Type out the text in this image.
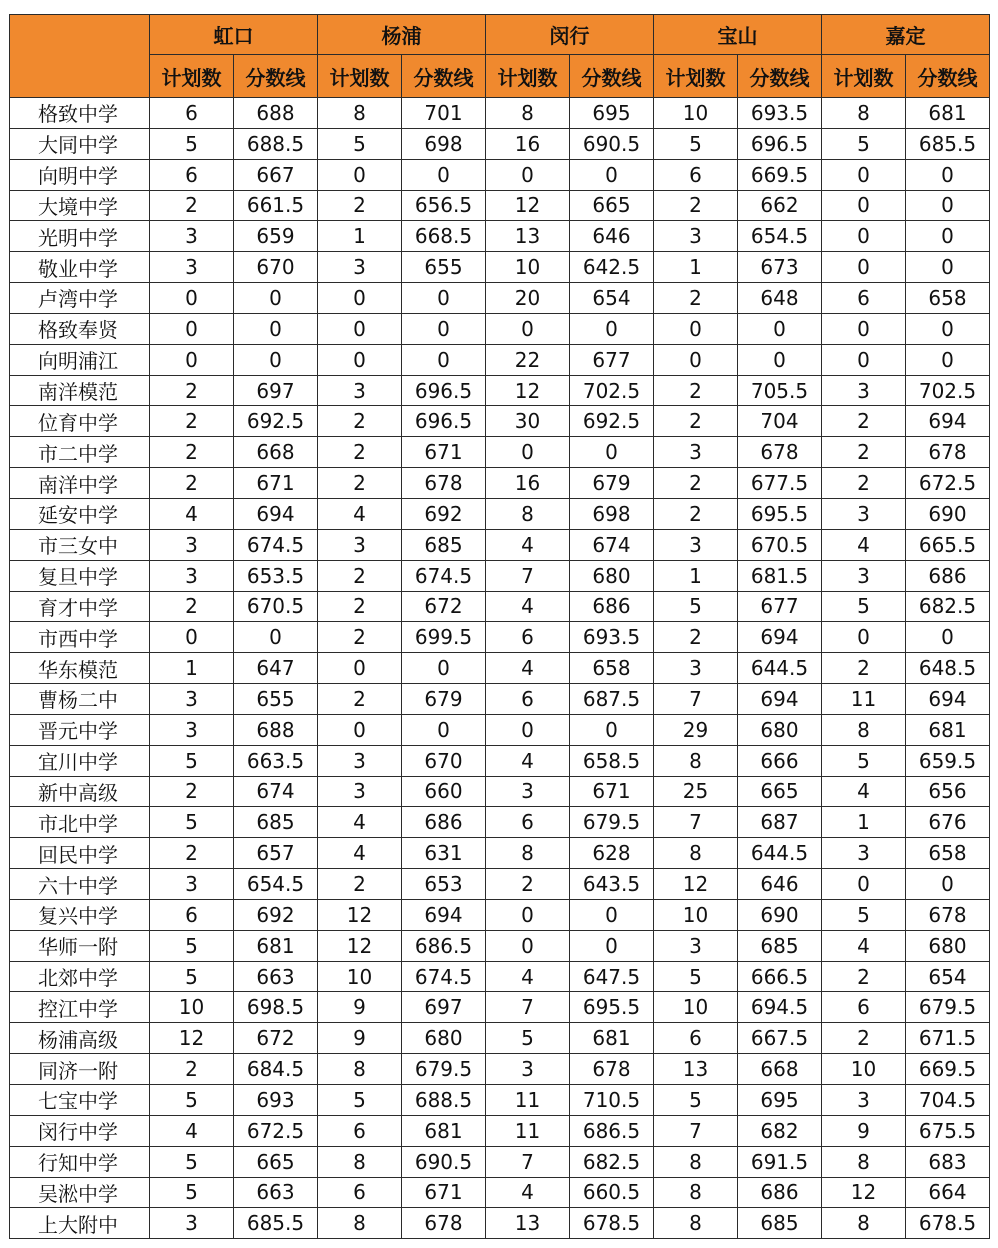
	虹口		杨浦		闵行		宝山		嘉定	
	计划数	分数线	计划数	分数线	计划数	分数线	计划数	分数线	计划数	分数线
格致中学	6	688	8	701	8	695	10	693.5	8	681
大同中学	5	688.5	5	698	16	690.5	5	696.5	5	685.5
向明中学	6	667	0	0	0	0	6	669.5	0	0
大境中学	2	661.5	2	656.5	12	665	2	662	0	0
光明中学	3	659	1	668.5	13	646	3	654.5	0	0
敬业中学	3	670	3	655	10	642.5	1	673	0	0
卢湾中学	0	0	0	0	20	654	2	648	6	658
格致奉贤	0	0	0	0	0	0	0	0	0	0
向明浦江	0	0	0	0	22	677	0	0	0	0
南洋模范	2	697	3	696.5	12	702.5	2	705.5	3	702.5
位育中学	2	692.5	2	696.5	30	692.5	2	704	2	694
市二中学	2	668	2	671	0	0	3	678	2	678
南洋中学	2	671	2	678	16	679	2	677.5	2	672.5
延安中学	4	694	4	692	8	698	2	695.5	3	690
市三女中	3	674.5	3	685	4	674	3	670.5	4	665.5
复旦中学	3	653.5	2	674.5	7	680	1	681.5	3	686
育才中学	2	670.5	2	672	4	686	5	677	5	682.5
市西中学	0	0	2	699.5	6	693.5	2	694	0	0
华东模范	1	647	0	0	4	658	3	644.5	2	648.5
曹杨二中	3	655	2	679	6	687.5	7	694	11	694
晋元中学	3	688	0	0	0	0	29	680	8	681
宜川中学	5	663.5	3	670	4	658.5	8	666	5	659.5
新中高级	2	674	3	660	3	671	25	665	4	656
市北中学	5	685	4	686	6	679.5	7	687	1	676
回民中学	2	657	4	631	8	628	8	644.5	3	658
六十中学	3	654.5	2	653	2	643.5	12	646	0	0
复兴中学	6	692	12	694	0	0	10	690	5	678
华师一附	5	681	12	686.5	0	0	3	685	4	680
北郊中学	5	663	10	674.5	4	647.5	5	666.5	2	654
控江中学	10	698.5	9	697	7	695.5	10	694.5	6	679.5
杨浦高级	12	672	9	680	5	681	6	667.5	2	671.5
同济一附	2	684.5	8	679.5	3	678	13	668	10	669.5
七宝中学	5	693	5	688.5	11	710.5	5	695	3	704.5
闵行中学	4	672.5	6	681	11	686.5	7	682	9	675.5
行知中学	5	665	8	690.5	7	682.5	8	691.5	8	683
吴淞中学	5	663	6	671	4	660.5	8	686	12	664
上大附中	3	685.5	8	678	13	678.5	8	685	8	678.5
